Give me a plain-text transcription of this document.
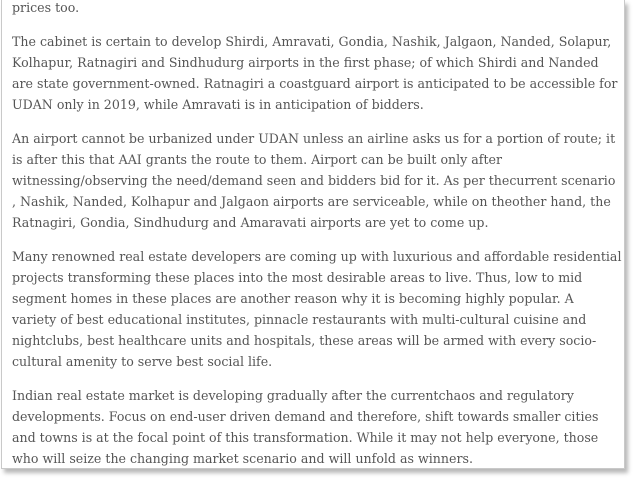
prices too.

The cabinet is certain to develop Shirdi, Amravati, Gondia, Nashik, Jalgaon, Nanded, Solapur, Kolhapur, Ratnagiri and Sindhudurg airports in the first phase; of which Shirdi and Nanded are state government-owned. Ratnagiri a coastguard airport is anticipated to be accessible for UDAN only in 2019, while Amravati is in anticipation of bidders.

An airport cannot be urbanized under UDAN unless an airline asks us for a portion of route; it is after this that AAI grants the route to them. Airport can be built only after witnessing/observing the need/demand seen and bidders bid for it. As per thecurrent scenario , Nashik, Nanded, Kolhapur and Jalgaon airports are serviceable, while on theother hand, the Ratnagiri, Gondia, Sindhudurg and Amaravati airports are yet to come up.

Many renowned real estate developers are coming up with luxurious and affordable residential projects transforming these places into the most desirable areas to live. Thus, low to mid segment homes in these places are another reason why it is becoming highly popular. A variety of best educational institutes, pinnacle restaurants with multi-cultural cuisine and nightclubs, best healthcare units and hospitals, these areas will be armed with every socio-cultural amenity to serve best social life.

Indian real estate market is developing gradually after the currentchaos and regulatory developments. Focus on end-user driven demand and therefore, shift towards smaller cities and towns is at the focal point of this transformation. While it may not help everyone, those who will seize the changing market scenario and will unfold as winners.
